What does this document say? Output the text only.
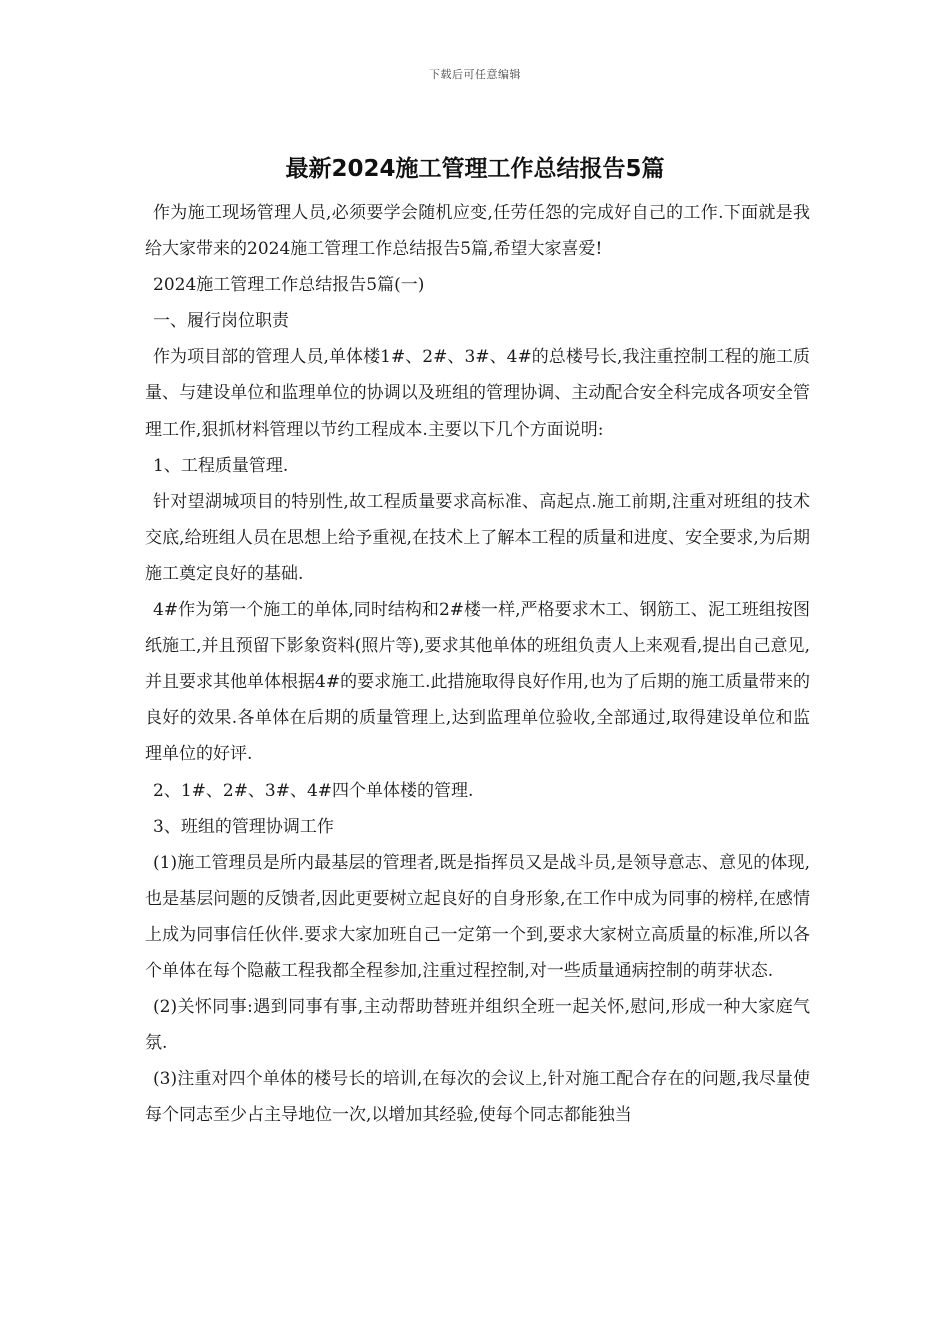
下载后可任意编辑
最新2024施工管理工作总结报告5篇

作为施工现场管理人员,必须要学会随机应变,任劳任怨的完成好自己的工作.下面就是我给大家带来的2024施工管理工作总结报告5篇,希望大家喜爱!

2024施工管理工作总结报告5篇(一)

一、履行岗位职责

作为项目部的管理人员,单体楼1#、2#、3#、4#的总楼号长,我注重控制工程的施工质量、与建设单位和监理单位的协调以及班组的管理协调、主动配合安全科完成各项安全管理工作,狠抓材料管理以节约工程成本.主要以下几个方面说明:

1、工程质量管理.

针对望湖城项目的特别性,故工程质量要求高标准、高起点.施工前期,注重对班组的技术交底,给班组人员在思想上给予重视,在技术上了解本工程的质量和进度、安全要求,为后期施工奠定良好的基础.

4#作为第一个施工的单体,同时结构和2#楼一样,严格要求木工、钢筋工、泥工班组按图纸施工,并且预留下影象资料(照片等),要求其他单体的班组负责人上来观看,提出自己意见,并且要求其他单体根据4#的要求施工.此措施取得良好作用,也为了后期的施工质量带来的良好的效果.各单体在后期的质量管理上,达到监理单位验收,全部通过,取得建设单位和监理单位的好评.

2、1#、2#、3#、4#四个单体楼的管理.

3、班组的管理协调工作

(1)施工管理员是所内最基层的管理者,既是指挥员又是战斗员,是领导意志、意见的体现,也是基层问题的反馈者,因此更要树立起良好的自身形象,在工作中成为同事的榜样,在感情上成为同事信任伙伴.要求大家加班自己一定第一个到,要求大家树立高质量的标准,所以各个单体在每个隐蔽工程我都全程参加,注重过程控制,对一些质量通病控制的萌芽状态.

(2)关怀同事:遇到同事有事,主动帮助替班并组织全班一起关怀,慰问,形成一种大家庭气氛.

(3)注重对四个单体的楼号长的培训,在每次的会议上,针对施工配合存在的问题,我尽量使每个同志至少占主导地位一次,以增加其经验,使每个同志都能独当
